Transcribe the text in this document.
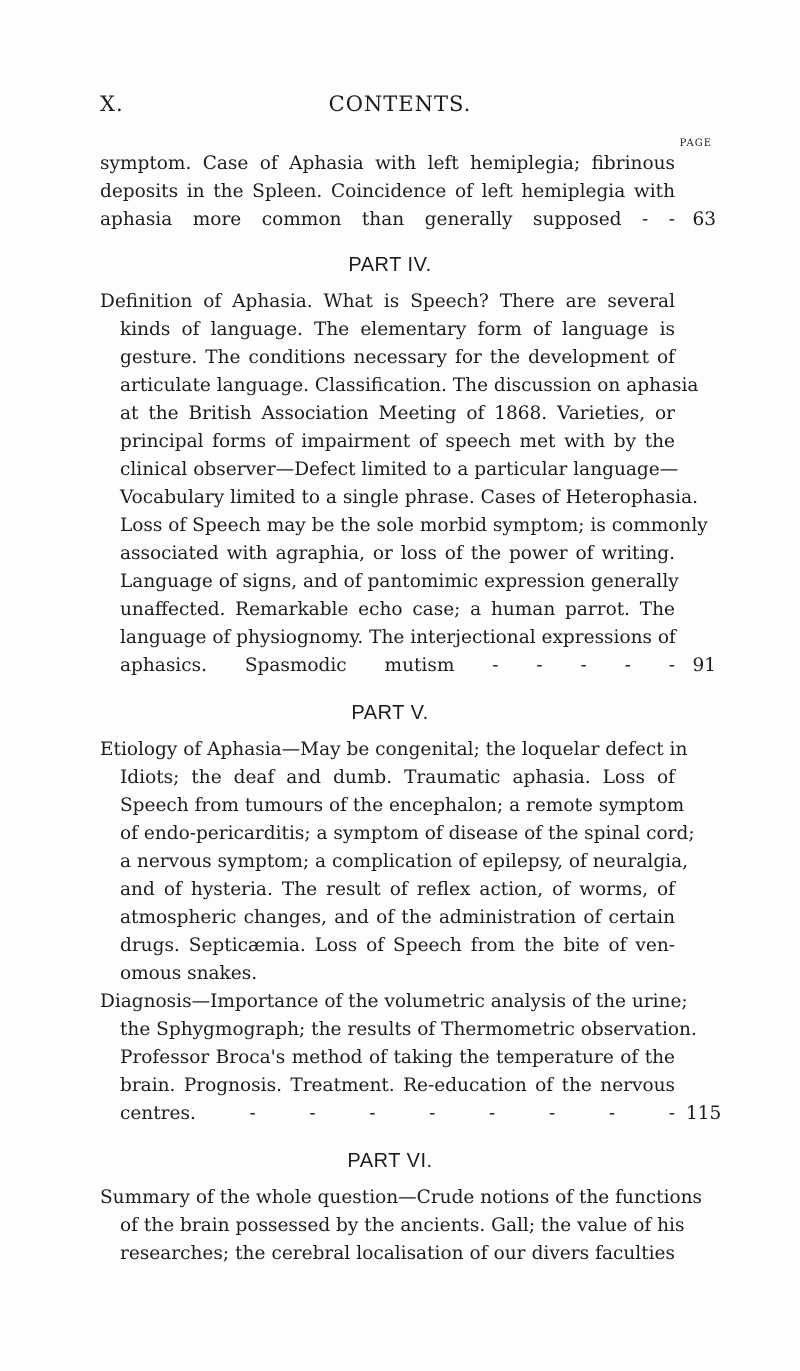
X.	CONTENTS.
PAGE
symptom. Case of Aphasia with left hemiplegia; fibrinous
deposits in the Spleen. Coincidence of left hemiplegia with
aphasia more common than generally supposed - - 63
PART IV.
Definition of Aphasia. What is Speech? There are several
kinds of language. The elementary form of language is
gesture. The conditions necessary for the development of
articulate language. Classification. The discussion on aphasia
at the British Association Meeting of 1868. Varieties, or
principal forms of impairment of speech met with by the
clinical observer—Defect limited to a particular language—
Vocabulary limited to a single phrase. Cases of Heterophasia.
Loss of Speech may be the sole morbid symptom; is commonly
associated with agraphia, or loss of the power of writing.
Language of signs, and of pantomimic expression generally
unaffected. Remarkable echo case; a human parrot. The
language of physiognomy. The interjectional expressions of
aphasics. Spasmodic mutism - - - - - 91
PART V.
Etiology of Aphasia—May be congenital; the loquelar defect in
Idiots; the deaf and dumb. Traumatic aphasia. Loss of
Speech from tumours of the encephalon; a remote symptom
of endo-pericarditis; a symptom of disease of the spinal cord;
a nervous symptom; a complication of epilepsy, of neuralgia,
and of hysteria. The result of reflex action, of worms, of
atmospheric changes, and of the administration of certain
drugs. Septicæmia. Loss of Speech from the bite of ven-
omous snakes.
Diagnosis—Importance of the volumetric analysis of the urine;
the Sphygmograph; the results of Thermometric observation.
Professor Broca's method of taking the temperature of the
brain. Prognosis. Treatment. Re-education of the nervous
centres. - - - - - - - - 115
PART VI.
Summary of the whole question—Crude notions of the functions
of the brain possessed by the ancients. Gall; the value of his
researches; the cerebral localisation of our divers faculties
